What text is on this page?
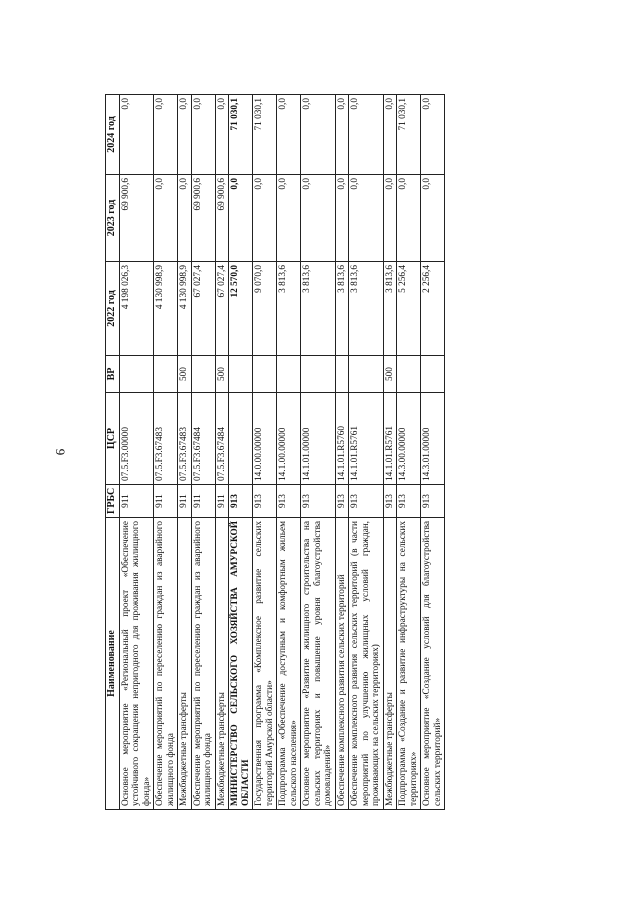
9
Наименование	ГРБС	ЦСР	ВР	2022 год	2023 год	2024 год
Основное мероприятие «Региональный проект «Обеспечение устойчивого сокращения непригодного для проживания жилищного фонда»	911	07.5.F3.00000		4 198 026,3	69 900,6	0,0
Обеспечение мероприятий по переселению граждан из аварийного жилищного фонда	911	07.5.F3.67483		4 130 998,9	0,0	0,0
Межбюджетные трансферты	911	07.5.F3.67483	500	4 130 998,9	0,0	0,0
Обеспечение мероприятий по переселению граждан из аварийного жилищного фонда	911	07.5.F3.67484		67 027,4	69 900,6	0,0
Межбюджетные трансферты	911	07.5.F3.67484	500	67 027,4	69 900,6	0,0
МИНИСТЕРСТВО СЕЛЬСКОГО ХОЗЯЙСТВА АМУРСКОЙ ОБЛАСТИ	913			12 570,0	0,0	71 030,1
Государственная программа «Комплексное развитие сельских территорий Амурской области»	913	14.0.00.00000		9 070,0	0,0	71 030,1
Подпрограмма «Обеспечение доступным и комфортным жильем сельского населения»	913	14.1.00.00000		3 813,6	0,0	0,0
Основное мероприятие «Развитие жилищного строительства на сельских территориях и повышение уровня благоустройства домовладений»	913	14.1.01.00000		3 813,6	0,0	0,0
Обеспечение комплексного развития сельских территорий	913	14.1.01.R5760		3 813,6	0,0	0,0
Обеспечение комплексного развития сельских территорий (в части мероприятий по улучшению жилищных условий граждан, проживающих на сельских территориях)	913	14.1.01.R5761		3 813,6	0,0	0,0
Межбюджетные трансферты	913	14.1.01.R5761	500	3 813,6	0,0	0,0
Подпрограмма «Создание и развитие инфраструктуры на сельских территориях»	913	14.3.00.00000		5 256,4	0,0	71 030,1
Основное мероприятие «Создание условий для благоустройства сельских территорий»	913	14.3.01.00000		2 256,4	0,0	0,0
